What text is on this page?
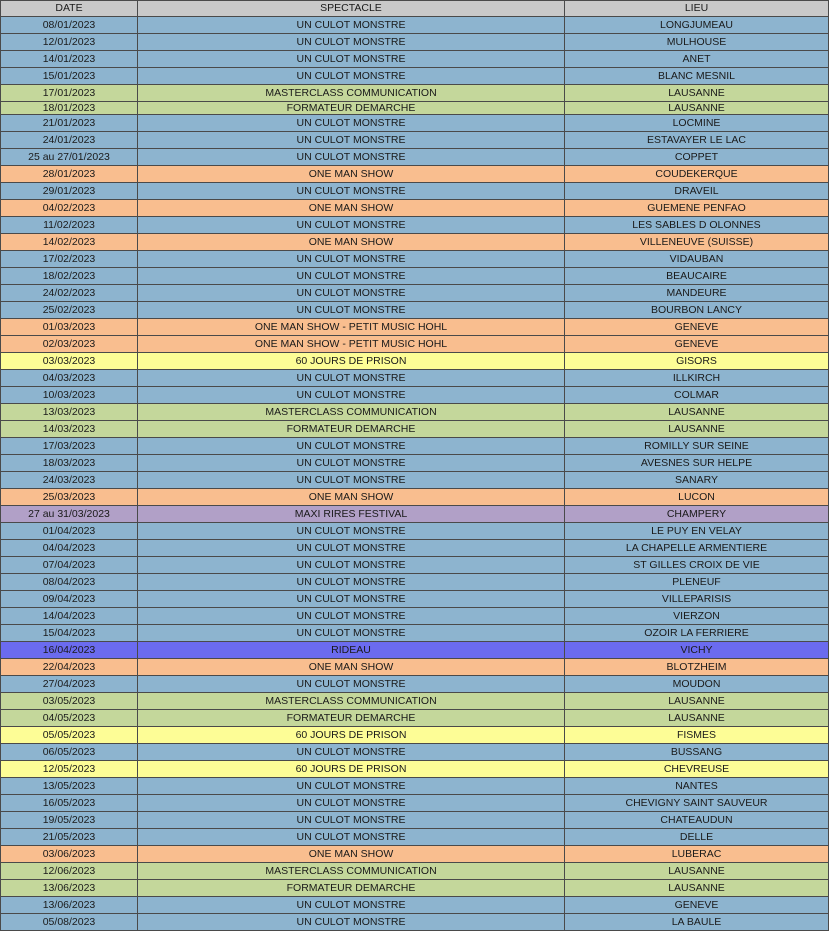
DATE	SPECTACLE	LIEU
08/01/2023	UN CULOT MONSTRE	LONGJUMEAU
12/01/2023	UN CULOT MONSTRE	MULHOUSE
14/01/2023	UN CULOT MONSTRE	ANET
15/01/2023	UN CULOT MONSTRE	BLANC MESNIL
17/01/2023	MASTERCLASS COMMUNICATION	LAUSANNE
18/01/2023	FORMATEUR DEMARCHE	LAUSANNE
21/01/2023	UN CULOT MONSTRE	LOCMINE
24/01/2023	UN CULOT MONSTRE	ESTAVAYER LE LAC
25 au 27/01/2023	UN CULOT MONSTRE	COPPET
28/01/2023	ONE MAN SHOW	COUDEKERQUE
29/01/2023	UN CULOT MONSTRE	DRAVEIL
04/02/2023	ONE MAN SHOW	GUEMENE PENFAO
11/02/2023	UN CULOT MONSTRE	LES SABLES D OLONNES
14/02/2023	ONE MAN SHOW	VILLENEUVE (SUISSE)
17/02/2023	UN CULOT MONSTRE	VIDAUBAN
18/02/2023	UN CULOT MONSTRE	BEAUCAIRE
24/02/2023	UN CULOT MONSTRE	MANDEURE
25/02/2023	UN CULOT MONSTRE	BOURBON LANCY
01/03/2023	ONE MAN SHOW - PETIT MUSIC HOHL	GENEVE
02/03/2023	ONE MAN SHOW - PETIT MUSIC HOHL	GENEVE
03/03/2023	60 JOURS DE PRISON	GISORS
04/03/2023	UN CULOT MONSTRE	ILLKIRCH
10/03/2023	UN CULOT MONSTRE	COLMAR
13/03/2023	MASTERCLASS COMMUNICATION	LAUSANNE
14/03/2023	FORMATEUR DEMARCHE	LAUSANNE
17/03/2023	UN CULOT MONSTRE	ROMILLY SUR SEINE
18/03/2023	UN CULOT MONSTRE	AVESNES SUR HELPE
24/03/2023	UN CULOT MONSTRE	SANARY
25/03/2023	ONE MAN SHOW	LUCON
27 au 31/03/2023	MAXI RIRES FESTIVAL	CHAMPERY
01/04/2023	UN CULOT MONSTRE	LE PUY EN VELAY
04/04/2023	UN CULOT MONSTRE	LA CHAPELLE ARMENTIERE
07/04/2023	UN CULOT MONSTRE	ST GILLES CROIX DE VIE
08/04/2023	UN CULOT MONSTRE	PLENEUF
09/04/2023	UN CULOT MONSTRE	VILLEPARISIS
14/04/2023	UN CULOT MONSTRE	VIERZON
15/04/2023	UN CULOT MONSTRE	OZOIR LA FERRIERE
16/04/2023	RIDEAU	VICHY
22/04/2023	ONE MAN SHOW	BLOTZHEIM
27/04/2023	UN CULOT MONSTRE	MOUDON
03/05/2023	MASTERCLASS COMMUNICATION	LAUSANNE
04/05/2023	FORMATEUR DEMARCHE	LAUSANNE
05/05/2023	60 JOURS DE PRISON	FISMES
06/05/2023	UN CULOT MONSTRE	BUSSANG
12/05/2023	60 JOURS DE PRISON	CHEVREUSE
13/05/2023	UN CULOT MONSTRE	NANTES
16/05/2023	UN CULOT MONSTRE	CHEVIGNY SAINT SAUVEUR
19/05/2023	UN CULOT MONSTRE	CHATEAUDUN
21/05/2023	UN CULOT MONSTRE	DELLE
03/06/2023	ONE MAN SHOW	LUBERAC
12/06/2023	MASTERCLASS COMMUNICATION	LAUSANNE
13/06/2023	FORMATEUR DEMARCHE	LAUSANNE
13/06/2023	UN CULOT MONSTRE	GENEVE
05/08/2023	UN CULOT MONSTRE	LA BAULE
